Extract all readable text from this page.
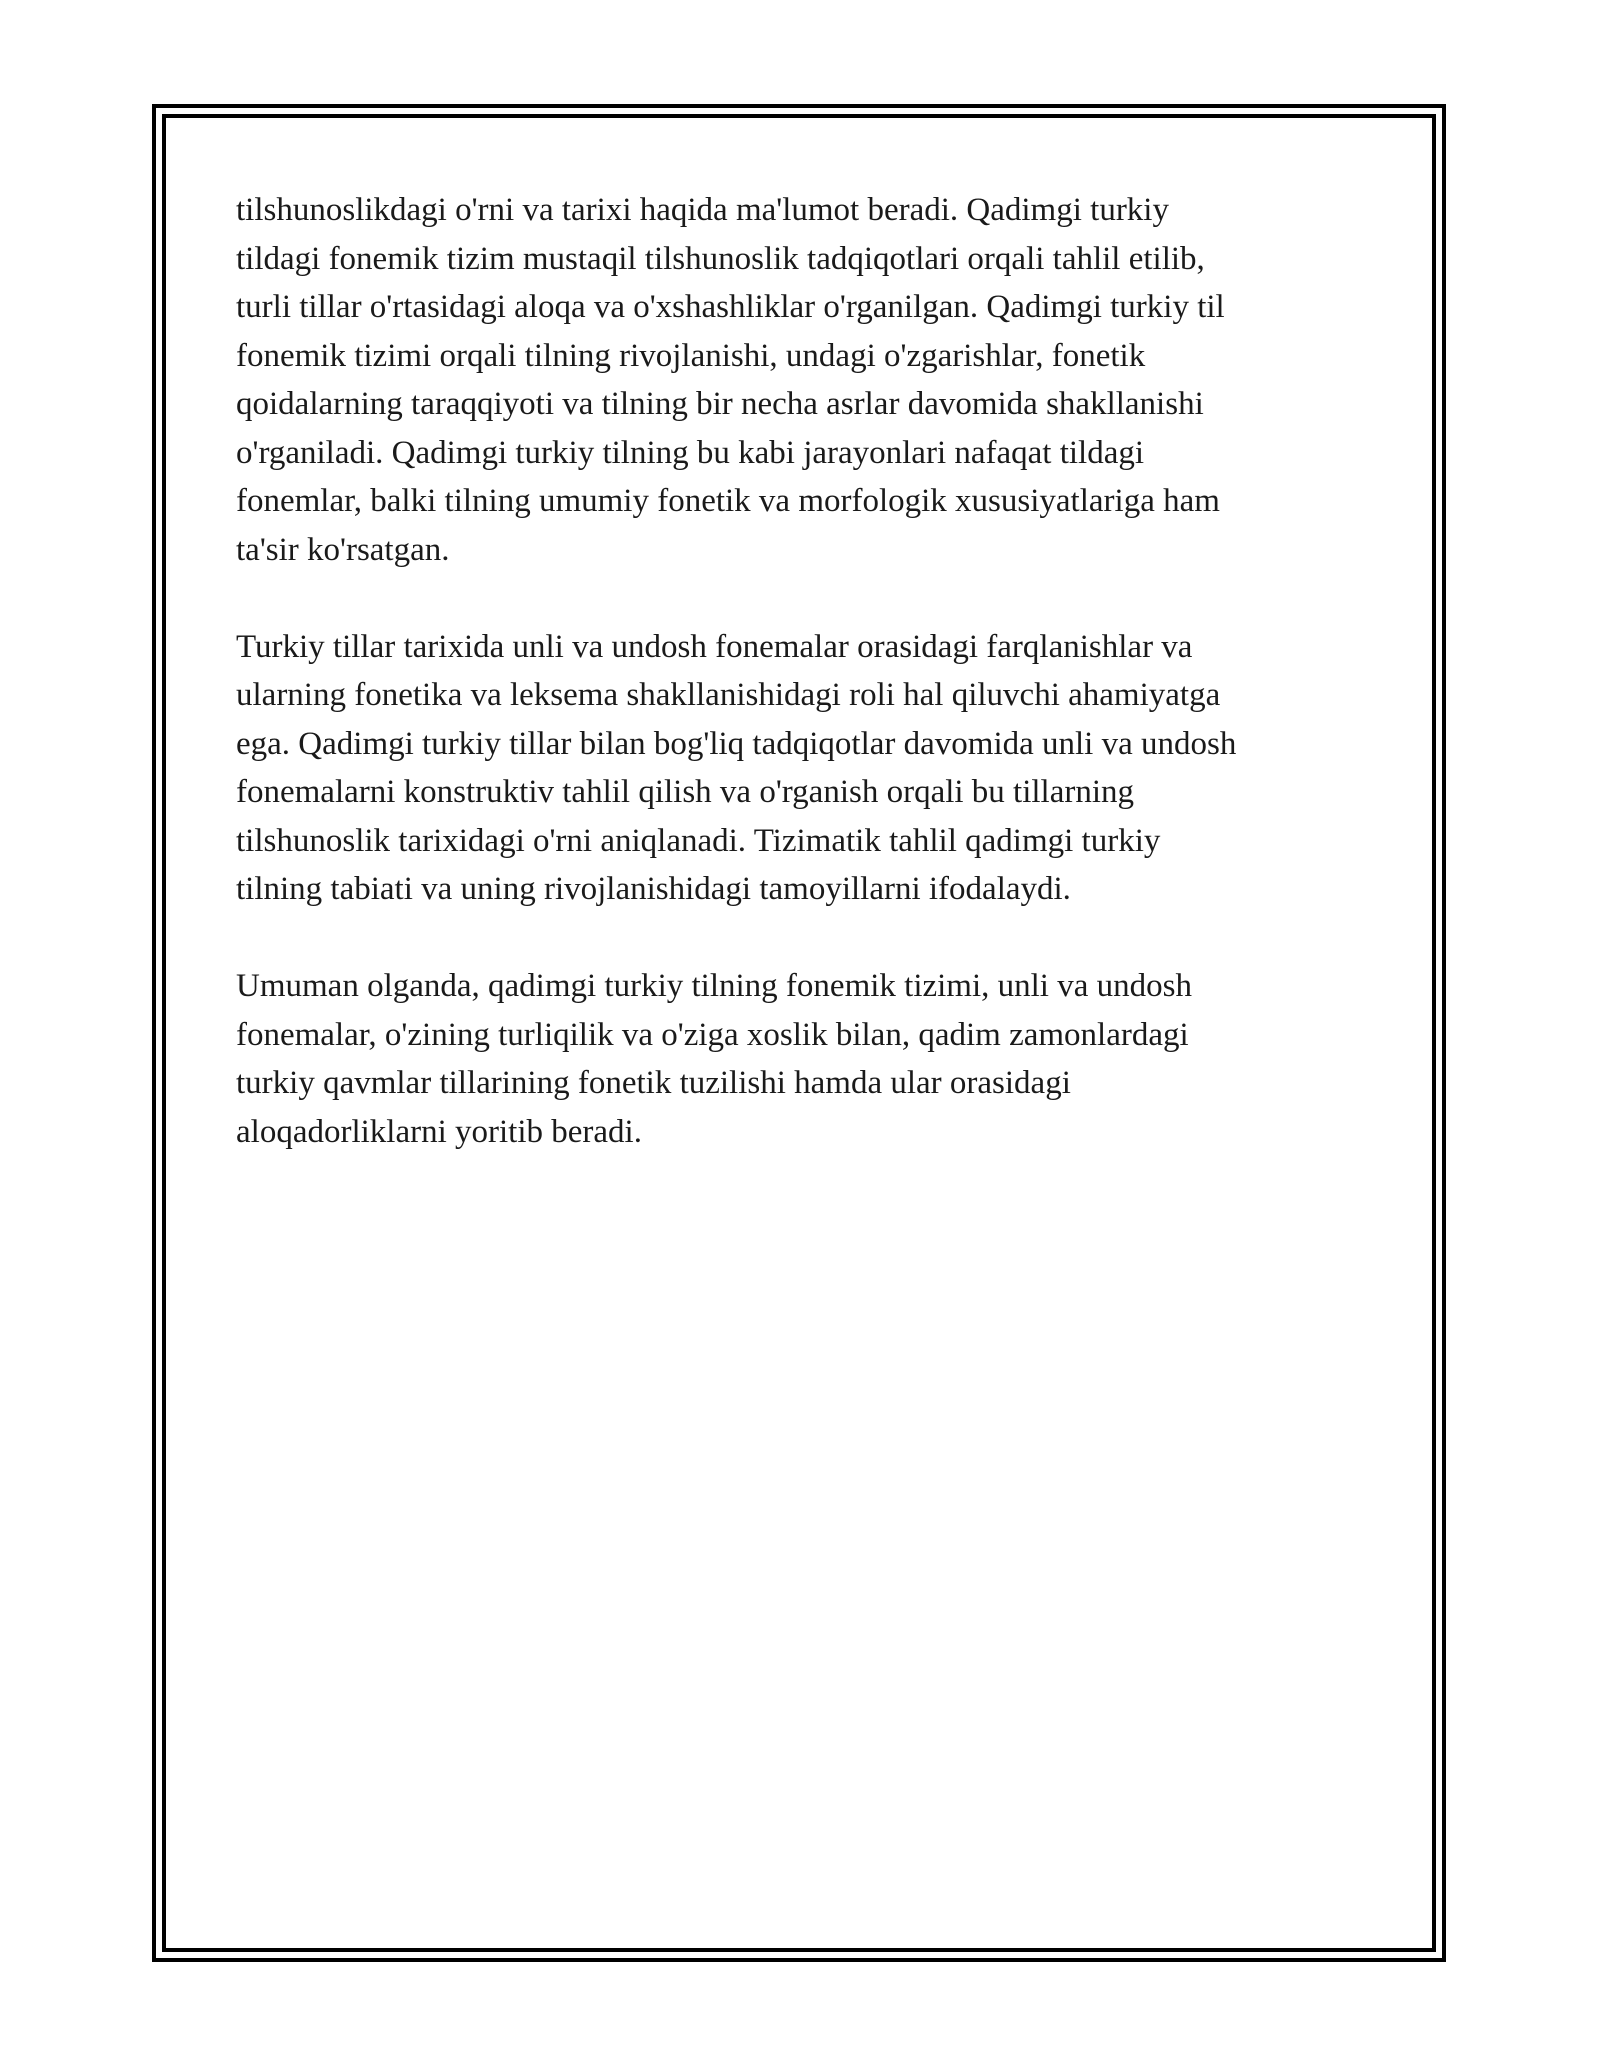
tilshunoslikdagi o'rni va tarixi haqida ma'lumot beradi. Qadimgi turkiy
tildagi fonemik tizim mustaqil tilshunoslik tadqiqotlari orqali tahlil etilib,
turli tillar o'rtasidagi aloqa va o'xshashliklar o'rganilgan. Qadimgi turkiy til
fonemik tizimi orqali tilning rivojlanishi, undagi o'zgarishlar, fonetik
qoidalarning taraqqiyoti va tilning bir necha asrlar davomida shakllanishi
o'rganiladi. Qadimgi turkiy tilning bu kabi jarayonlari nafaqat tildagi
fonemlar, balki tilning umumiy fonetik va morfologik xususiyatlariga ham
ta'sir ko'rsatgan.

Turkiy tillar tarixida unli va undosh fonemalar orasidagi farqlanishlar va
ularning fonetika va leksema shakllanishidagi roli hal qiluvchi ahamiyatga
ega. Qadimgi turkiy tillar bilan bog'liq tadqiqotlar davomida unli va undosh
fonemalarni konstruktiv tahlil qilish va o'rganish orqali bu tillarning
tilshunoslik tarixidagi o'rni aniqlanadi. Tizimatik tahlil qadimgi turkiy
tilning tabiati va uning rivojlanishidagi tamoyillarni ifodalaydi.

Umuman olganda, qadimgi turkiy tilning fonemik tizimi, unli va undosh
fonemalar, o'zining turliqilik va o'ziga xoslik bilan, qadim zamonlardagi
turkiy qavmlar tillarining fonetik tuzilishi hamda ular orasidagi
aloqadorliklarni yoritib beradi.
